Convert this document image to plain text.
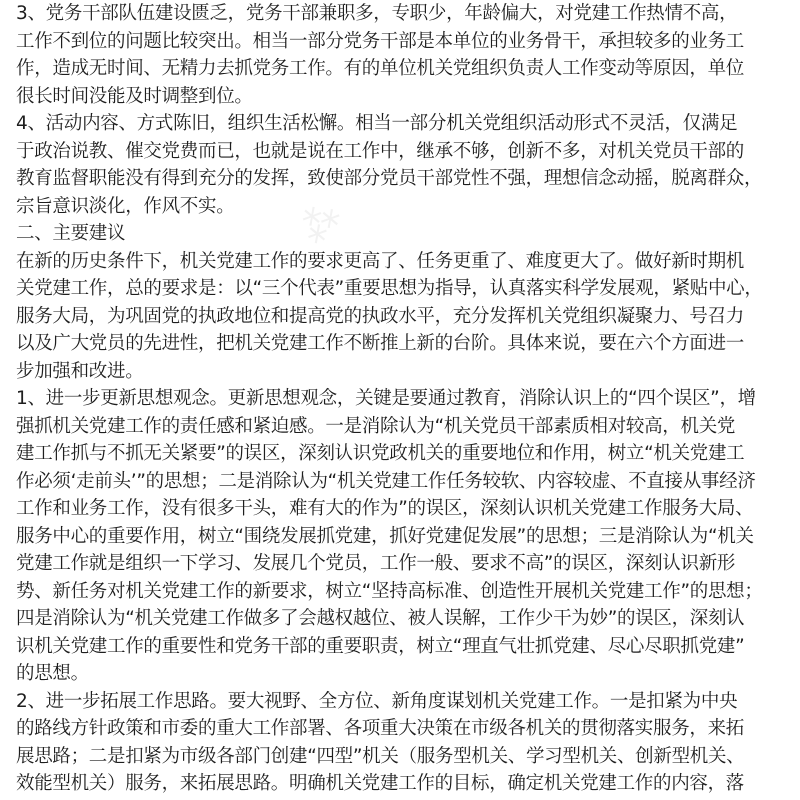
⁂
3、党务干部队伍建设匮乏，党务干部兼职多，专职少，年龄偏大，对党建工作热情不高，
工作不到位的问题比较突出。相当一部分党务干部是本单位的业务骨干，承担较多的业务工
作，造成无时间、无精力去抓党务工作。有的单位机关党组织负责人工作变动等原因，单位
很长时间没能及时调整到位。
4、活动内容、方式陈旧，组织生活松懈。相当一部分机关党组织活动形式不灵活，仅满足
于政治说教、催交党费而已，也就是说在工作中，继承不够，创新不多，对机关党员干部的
教育监督职能没有得到充分的发挥，致使部分党员干部党性不强，理想信念动摇，脱离群众，
宗旨意识淡化，作风不实。
二、主要建议
在新的历史条件下，机关党建工作的要求更高了、任务更重了、难度更大了。做好新时期机
关党建工作，总的要求是：以“三个代表”重要思想为指导，认真落实科学发展观，紧贴中心，
服务大局，为巩固党的执政地位和提高党的执政水平，充分发挥机关党组织凝聚力、号召力
以及广大党员的先进性，把机关党建工作不断推上新的台阶。具体来说，要在六个方面进一
步加强和改进。
1、进一步更新思想观念。更新思想观念，关键是要通过教育，消除认识上的“四个误区”，增
强抓机关党建工作的责任感和紧迫感。一是消除认为“机关党员干部素质相对较高，机关党
建工作抓与不抓无关紧要”的误区，深刻认识党政机关的重要地位和作用，树立“机关党建工
作必须‘走前头’”的思想；二是消除认为“机关党建工作任务较软、内容较虚、不直接从事经济
工作和业务工作，没有很多干头，难有大的作为”的误区，深刻认识机关党建工作服务大局、
服务中心的重要作用，树立“围绕发展抓党建，抓好党建促发展”的思想；三是消除认为“机关
党建工作就是组织一下学习、发展几个党员，工作一般、要求不高”的误区，深刻认识新形
势、新任务对机关党建工作的新要求，树立“坚持高标准、创造性开展机关党建工作”的思想；
四是消除认为“机关党建工作做多了会越权越位、被人误解，工作少干为妙”的误区，深刻认
识机关党建工作的重要性和党务干部的重要职责，树立“理直气壮抓党建、尽心尽职抓党建”
的思想。
2、进一步拓展工作思路。要大视野、全方位、新角度谋划机关党建工作。一是扣紧为中央
的路线方针政策和市委的重大工作部署、各项重大决策在市级各机关的贯彻落实服务，来拓
展思路；二是扣紧为市级各部门创建“四型”机关（服务型机关、学习型机关、创新型机关、
效能型机关）服务，来拓展思路。明确机关党建工作的目标，确定机关党建工作的内容，落
